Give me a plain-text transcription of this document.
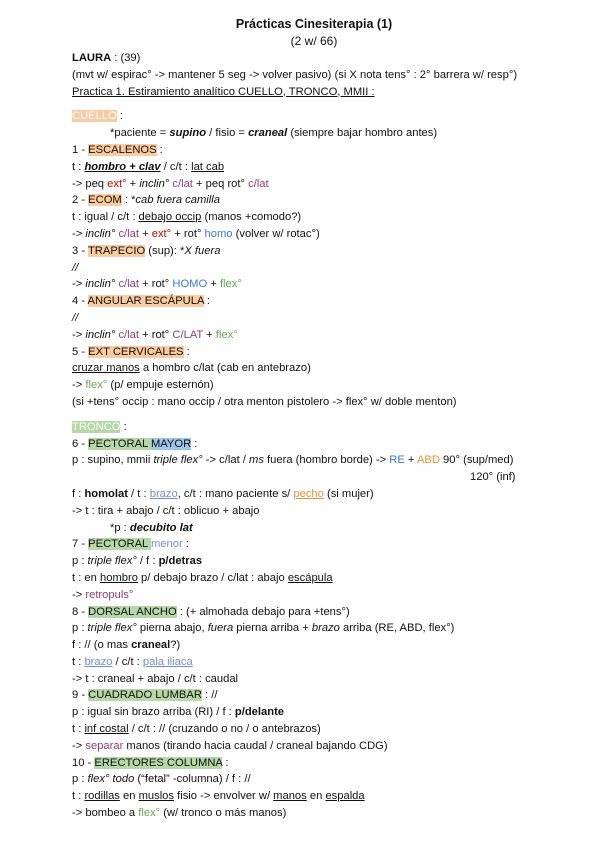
Prácticas Cinesiterapia (1)
(2 w/ 66)
LAURA : (39)
(mvt w/ espirac° -> mantener 5 seg -> volver pasivo) (si X nota tens° : 2° barrera w/ resp°)
Practica 1. Estiramiento analítico CUELLO, TRONCO, MMII :
CUELLO :
*paciente = supino / fisio = craneal (siempre bajar hombro antes)
1 - ESCALENOS :
t : hombro + clav / c/t : lat cab
-> peq ext° + inclin° c/lat + peq rot° c/lat
2 - ECOM : *cab fuera camilla
t : igual / c/t : debajo occip (manos +comodo?)
-> inclin° c/lat + ext° + rot° homo (volver w/ rotac°)
3 - TRAPECIO (sup): *X fuera
//
-> inclin° c/lat + rot° HOMO + flex°
4 - ANGULAR ESCÁPULA :
//
-> inclin° c/lat + rot° C/LAT + flex°
5 - EXT CERVICALES :
cruzar manos a hombro c/lat (cab en antebrazo)
-> flex° (p/ empuje esternón)
(si +tens° occip : mano occip / otra menton pistolero -> flex° w/ doble menton)
TRONCO :
6 - PECTORAL MAYOR :
p : supino, mmii triple flex° -> c/lat / ms fuera (hombro borde) -> RE + ABD 90° (sup/med)
120° (inf)
f : homolat / t : brazo, c/t : mano paciente s/ pecho (si mujer)
-> t : tira + abajo / c/t : oblicuo + abajo
*p : decubito lat
7 - PECTORAL menor :
p : triple flex° / f : p/detras
t : en hombro p/ debajo brazo / c/lat : abajo escápula
-> retropuls°
8 - DORSAL ANCHO : (+ almohada debajo para +tens°)
p : triple flex° pierna abajo, fuera pierna arriba + brazo arriba (RE, ABD, flex°)
f : // (o mas craneal?)
t : brazo / c/t : pala iliaca
-> t : craneal + abajo / c/t : caudal
9 - CUADRADO LUMBAR : //
p : igual sin brazo arriba (RI) / f : p/delante
t : inf costal / c/t : // (cruzando o no / o antebrazos)
-> separar manos (tirando hacia caudal / craneal bajando CDG)
10 - ERECTORES COLUMNA :
p : flex° todo (“fetal” -columna) / f : //
t : rodillas en muslos fisio -> envolver w/ manos en espalda
-> bombeo a flex° (w/ tronco o más manos)
